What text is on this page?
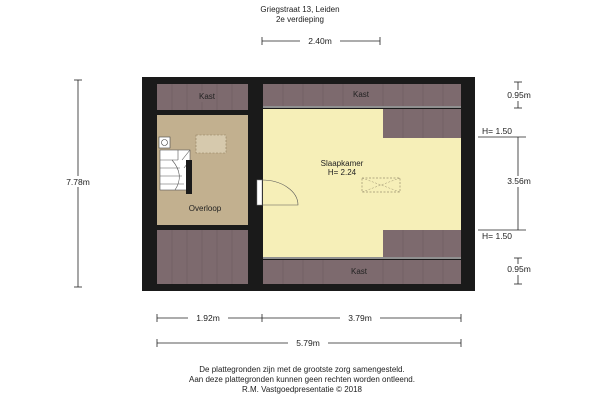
Griegstraat 13, Leiden
2e verdieping
2.40m
7.78m
Kast
Overloop
Kast
Slaapkamer
H= 2.24
Kast
0.95m
H= 1.50
3.56m
H= 1.50
0.95m
1.92m	3.79m
5.79m
De plattegronden zijn met de grootste zorg samengesteld.
Aan deze plattegronden kunnen geen rechten worden ontleend.
R.M. Vastgoedpresentatie © 2018
